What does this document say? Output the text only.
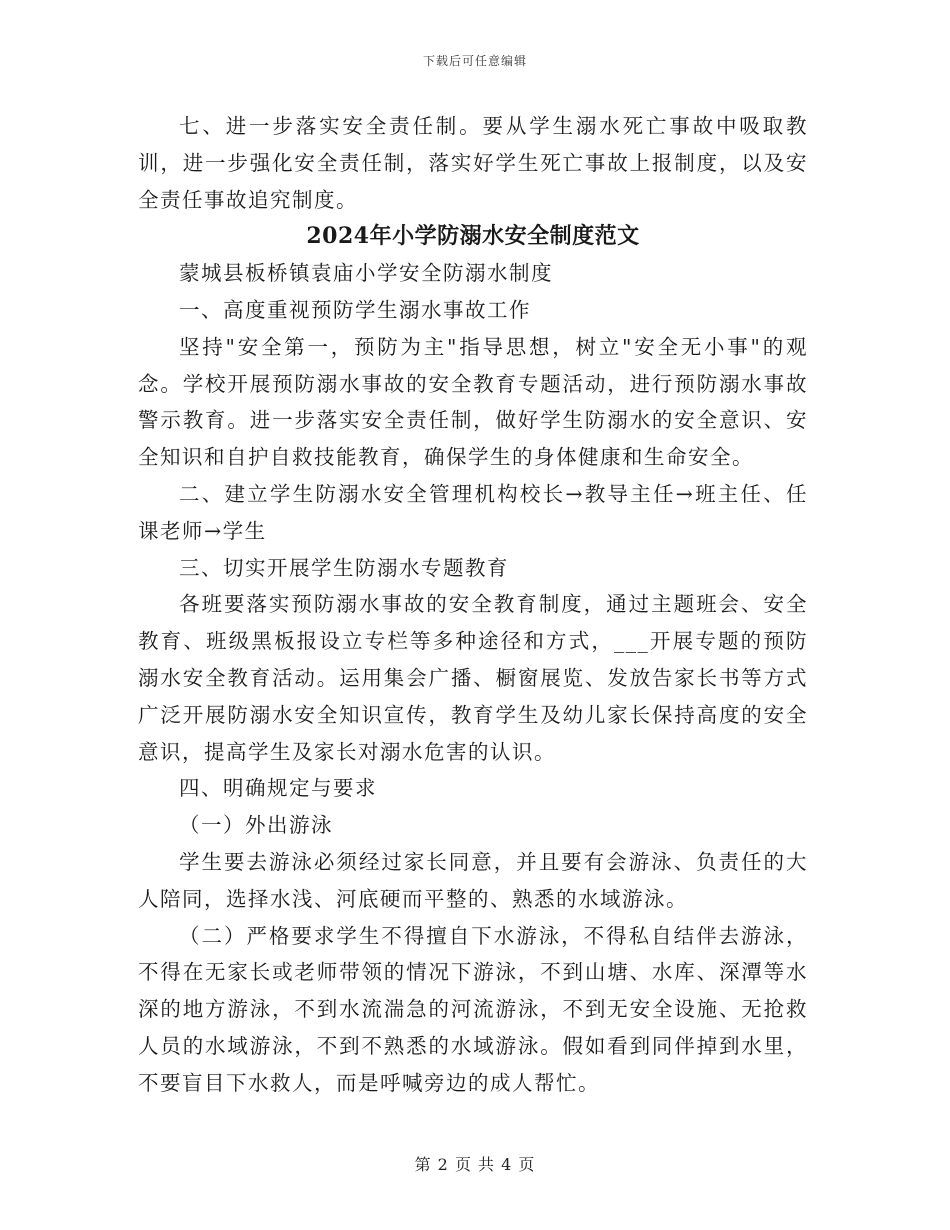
下载后可任意编辑

七、进一步落实安全责任制。要从学生溺水死亡事故中吸取教训，进一步强化安全责任制，落实好学生死亡事故上报制度，以及安全责任事故追究制度。

2024年小学防溺水安全制度范文

蒙城县板桥镇袁庙小学安全防溺水制度

一、高度重视预防学生溺水事故工作

坚持"安全第一，预防为主"指导思想，树立"安全无小事"的观念。学校开展预防溺水事故的安全教育专题活动，进行预防溺水事故警示教育。进一步落实安全责任制，做好学生防溺水的安全意识、安全知识和自护自救技能教育，确保学生的身体健康和生命安全。

二、建立学生防溺水安全管理机构校长→教导主任→班主任、任课老师→学生

三、切实开展学生防溺水专题教育

各班要落实预防溺水事故的安全教育制度，通过主题班会、安全教育、班级黑板报设立专栏等多种途径和方式，___开展专题的预防溺水安全教育活动。运用集会广播、橱窗展览、发放告家长书等方式广泛开展防溺水安全知识宣传，教育学生及幼儿家长保持高度的安全意识，提高学生及家长对溺水危害的认识。

四、明确规定与要求

（一）外出游泳

学生要去游泳必须经过家长同意，并且要有会游泳、负责任的大人陪同，选择水浅、河底硬而平整的、熟悉的水域游泳。

（二）严格要求学生不得擅自下水游泳，不得私自结伴去游泳，不得在无家长或老师带领的情况下游泳，不到山塘、水库、深潭等水深的地方游泳，不到水流湍急的河流游泳，不到无安全设施、无抢救人员的水域游泳，不到不熟悉的水域游泳。假如看到同伴掉到水里，不要盲目下水救人，而是呼喊旁边的成人帮忙。

第 2 页 共 4 页
